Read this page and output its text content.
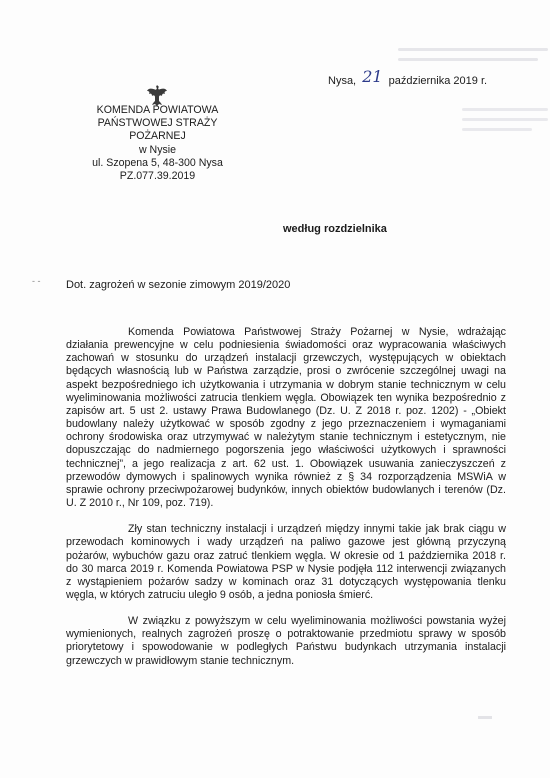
Nysa, 21 października 2019 r.
KOMENDA POWIATOWA
PAŃSTWOWEJ STRAŻY POŻARNEJ
w Nysie
ul. Szopena 5, 48-300 Nysa
PZ.077.39.2019
według rozdzielnika
‐ ‐ Dot. zagrożeń w sezonie zimowym 2019/2020

Komenda Powiatowa Państwowej Straży Pożarnej w Nysie, wdrażając działania prewencyjne w celu podniesienia świadomości oraz wypracowania właściwych zachowań w stosunku do urządzeń instalacji grzewczych, występujących w obiektach będących własnością lub w Państwa zarządzie, prosi o zwrócenie szczególnej uwagi na aspekt bezpośredniego ich użytkowania i utrzymania w dobrym stanie technicznym w celu wyeliminowania możliwości zatrucia tlenkiem węgla. Obowiązek ten wynika bezpośrednio z zapisów art. 5 ust 2. ustawy Prawa Budowlanego (Dz. U. Z 2018 r. poz. 1202) - „Obiekt budowlany należy użytkować w sposób zgodny z jego przeznaczeniem i wymaganiami ochrony środowiska oraz utrzymywać w należytym stanie technicznym i estetycznym, nie dopuszczając do nadmiernego pogorszenia jego właściwości użytkowych i sprawności technicznej”, a jego realizacja z art. 62 ust. 1. Obowiązek usuwania zanieczyszczeń z przewodów dymowych i spalinowych wynika również z § 34 rozporządzenia MSWiA w sprawie ochrony przeciwpożarowej budynków, innych obiektów budowlanych i terenów (Dz. U. Z 2010 r., Nr 109, poz. 719).

Zły stan techniczny instalacji i urządzeń między innymi takie jak brak ciągu w przewodach kominowych i wady urządzeń na paliwo gazowe jest główną przyczyną pożarów, wybuchów gazu oraz zatruć tlenkiem węgla. W okresie od 1 października 2018 r. do 30 marca 2019 r. Komenda Powiatowa PSP w Nysie podjęła 112 interwencji związanych z wystąpieniem pożarów sadzy w kominach oraz 31 dotyczących występowania tlenku węgla, w których zatruciu uległo 9 osób, a jedna poniosła śmierć.

W związku z powyższym w celu wyeliminowania możliwości powstania wyżej wymienionych, realnych zagrożeń proszę o potraktowanie przedmiotu sprawy w sposób priorytetowy i spowodowanie w podległych Państwu budynkach utrzymania instalacji grzewczych w prawidłowym stanie technicznym.
